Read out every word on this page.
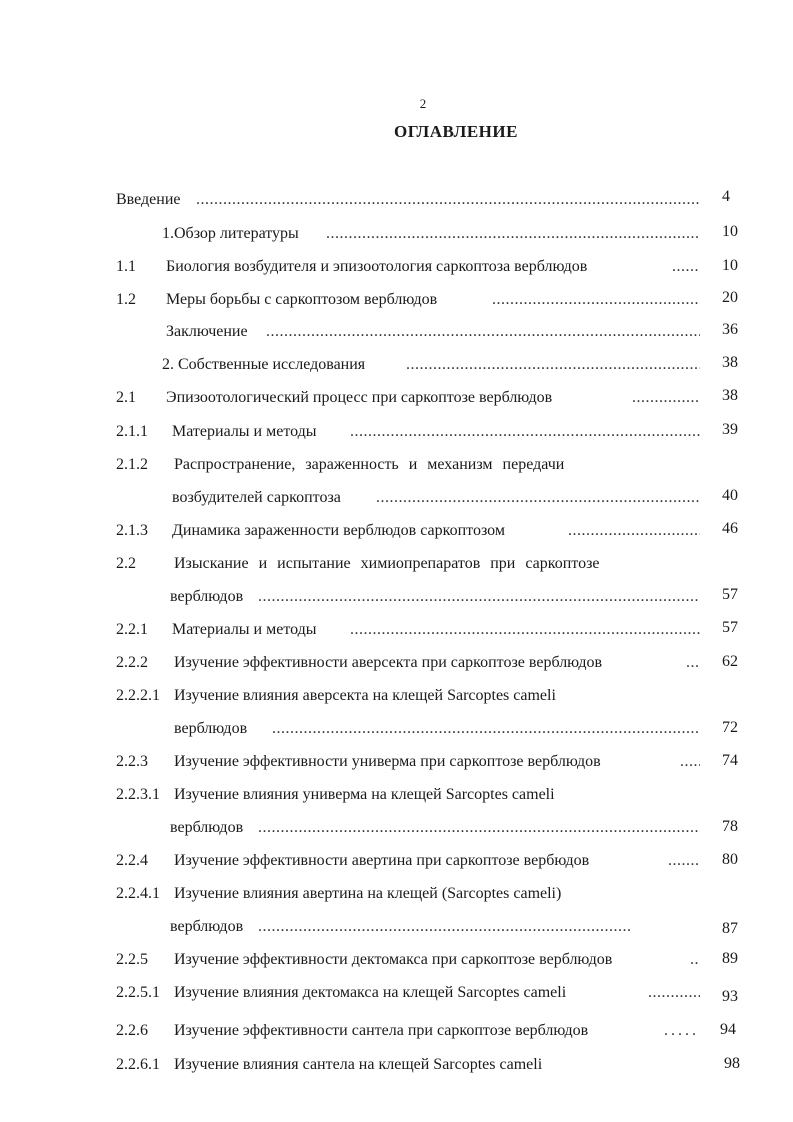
2
ОГЛАВЛЕНИЕ
Введение .....	4
1.Обзор литературы .....	10
1.1 Биология возбудителя и эпизоотология саркоптоза верблюдов .....	10
1.2 Меры борьбы с саркоптозом верблюдов .....	20
Заключение .....	36
2. Собственные исследования .....	38
2.1 Эпизоотологический процесс при саркоптозе верблюдов .....	38
2.1.1 Материалы и методы .....	39
2.1.2 Распространение, зараженность и механизм передачи
возбудителей саркоптоза .....	40
2.1.3 Динамика зараженности верблюдов саркоптозом .....	46
2.2 Изыскание и испытание химиопрепаратов при саркоптозе
верблюдов .....	57
2.2.1 Материалы и методы .....	57
2.2.2 Изучение эффективности аверсекта при саркоптозе верблюдов .....	62
2.2.2.1 Изучение влияния аверсекта на клещей Sarcoptes cameli
верблюдов .....	72
2.2.3 Изучение эффективности универма при саркоптозе верблюдов .....	74
2.2.3.1 Изучение влияния универма на клещей Sarcoptes cameli
верблюдов .....	78
2.2.4 Изучение эффективности авертина при саркоптозе вербюдов .....	80
2.2.4.1 Изучение влияния авертина на клещей (Sarcoptes cameli)
верблюдов .....	87
2.2.5 Изучение эффективности дектомакса при саркоптозе верблюдов .....	89
2.2.5.1 Изучение влияния дектомакса на клещей Sarcoptes cameli .....	93
2.2.6 Изучение эффективности сантела при саркоптозе верблюдов .....	94
2.2.6.1 Изучение влияния сантела на клещей Sarcoptes cameli	98
